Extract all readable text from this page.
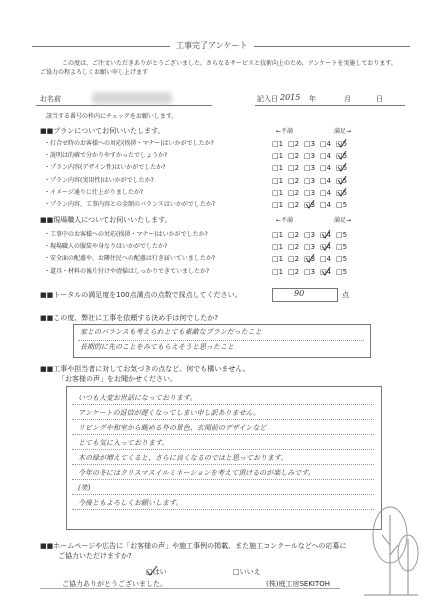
工事完了アンケート
この度は、ご注文いただきありがとうございました。さらなるサービスと技術向上のため、アンケートを実施しております。
ご協力の程よろしくお願い申し上げます
お名前	記入日 2015 年	月	日
該当する番号の枠内にチェックをお願いします。
■■プランについてお伺いいたします。	←不満	満足→
・打合せ時のお客様への対応(挨拶・マナー)はいかがでしたか?	□1 □2 □3 □4 □5
・説明は的確で分かりやすかったでしょうか?	□1 □2 □3 □4 □5
・プラン内容(デザイン性)はいかがでしたか?	□1 □2 □3 □4 □5
・プラン内容(実用性)はいかがでしたか?	□1 □2 □3 □4 □5
・イメージ通りに仕上がりましたか?	□1 □2 □3 □4 □5
・プラン内容、工事内容との金額のバランスはいかがでしたか?	□1 □2 □3 □4 □5
■■現場職人についてお伺いいたします。	←不満	満足→
・工事中のお客様への対応(挨拶・マナー)はいかがでしたか?	□1 □2 □3 □4 □5
・現場職人の服装や身なりはいかがでしたか?	□1 □2 □3 □4 □5
・安全面の配慮や、お隣住民への配慮は行き届いていましたか?	□1 □2 □3 □4 □5
・道具・材料の後片付けや清掃はしっかりできていましたか?	□1 □2 □3 □4 □5
■■トータルの満足度を100点満点の点数で採点してください。	90	点
■■この度、弊社に工事を依頼する決め手は何でしたか?
家とのバランスも考えられとても素敵なプランだったこと
長期的に先のことをみてもらえそうと思ったこと
■■工事や担当者に対してお気づきの点など、何でも構いません。
「お客様の声」をお聞かせください。
いつも大変お世話になっております。
アンケートの返信が遅くなってしまい申し訳ありません。
リビングや和室から眺める外の景色、玄関前のデザインなど
とても気に入っております。
木の緑が増えてくると、さらに良くなるのではと思っております。
今年の冬にはクリスマスイルミネーションを考えて頂けるのが楽しみです。
(笑)
今後ともよろしくお願いします。
■■ホームページや広告に「お客様の声」や施工事例の掲載、また施工コンクールなどへの応募に
ご協力いただけますか?
□はい	□いいえ
ご協力ありがとうございました。	(株)庭工房SEKITOH
